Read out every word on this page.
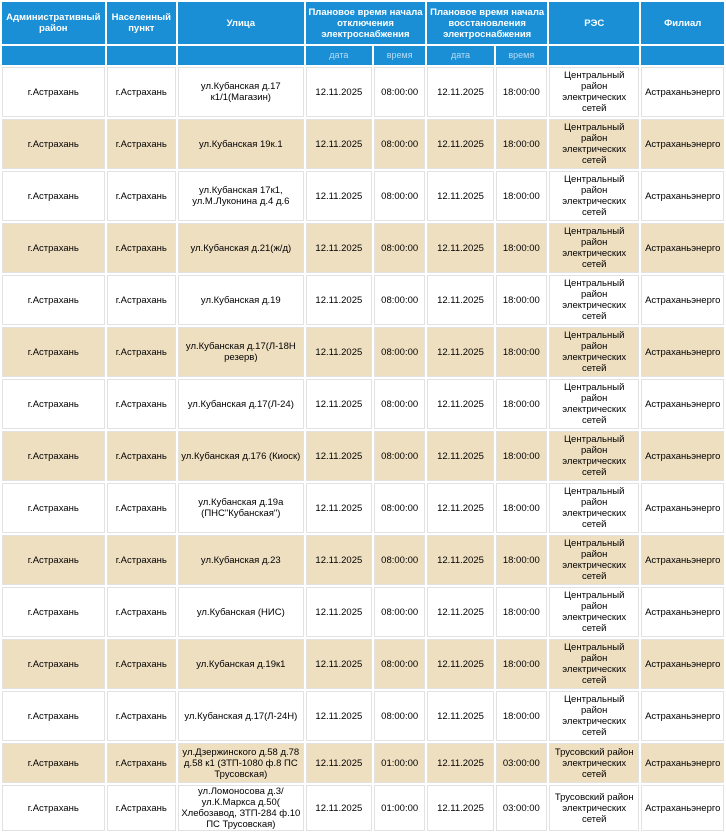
Административный район	Населенный пункт	Улица	Плановое время начала отключения электроснабжения		Плановое время начала восстановления электроснабжения		РЭС	Филиал
			дата	время	дата	время		
г.Астрахань	г.Астрахань	ул.Кубанская д.17 к1/1(Магазин)	12.11.2025	08:00:00	12.11.2025	18:00:00	Центральный район электрических сетей	Астраханьэнерго
г.Астрахань	г.Астрахань	ул.Кубанская 19к.1	12.11.2025	08:00:00	12.11.2025	18:00:00	Центральный район электрических сетей	Астраханьэнерго
г.Астрахань	г.Астрахань	ул.Кубанская 17к1, ул.М.Луконина д.4 д.6	12.11.2025	08:00:00	12.11.2025	18:00:00	Центральный район электрических сетей	Астраханьэнерго
г.Астрахань	г.Астрахань	ул.Кубанская д.21(ж/д)	12.11.2025	08:00:00	12.11.2025	18:00:00	Центральный район электрических сетей	Астраханьэнерго
г.Астрахань	г.Астрахань	ул.Кубанская д.19	12.11.2025	08:00:00	12.11.2025	18:00:00	Центральный район электрических сетей	Астраханьэнерго
г.Астрахань	г.Астрахань	ул.Кубанская д.17(Л-18Н резерв)	12.11.2025	08:00:00	12.11.2025	18:00:00	Центральный район электрических сетей	Астраханьэнерго
г.Астрахань	г.Астрахань	ул.Кубанская д.17(Л-24)	12.11.2025	08:00:00	12.11.2025	18:00:00	Центральный район электрических сетей	Астраханьэнерго
г.Астрахань	г.Астрахань	ул.Кубанская д.176 (Киоск)	12.11.2025	08:00:00	12.11.2025	18:00:00	Центральный район электрических сетей	Астраханьэнерго
г.Астрахань	г.Астрахань	ул.Кубанская д.19а (ПНС"Кубанская")	12.11.2025	08:00:00	12.11.2025	18:00:00	Центральный район электрических сетей	Астраханьэнерго
г.Астрахань	г.Астрахань	ул.Кубанская д.23	12.11.2025	08:00:00	12.11.2025	18:00:00	Центральный район электрических сетей	Астраханьэнерго
г.Астрахань	г.Астрахань	ул.Кубанская (НИС)	12.11.2025	08:00:00	12.11.2025	18:00:00	Центральный район электрических сетей	Астраханьэнерго
г.Астрахань	г.Астрахань	ул.Кубанская д.19к1	12.11.2025	08:00:00	12.11.2025	18:00:00	Центральный район электрических сетей	Астраханьэнерго
г.Астрахань	г.Астрахань	ул.Кубанская д.17(Л-24Н)	12.11.2025	08:00:00	12.11.2025	18:00:00	Центральный район электрических сетей	Астраханьэнерго
г.Астрахань	г.Астрахань	ул.Дзержинского д.58 д.78 д.58 к1 (ЗТП-1080 ф.8 ПС Трусовская)	12.11.2025	01:00:00	12.11.2025	03:00:00	Трусовский район электрических сетей	Астраханьэнерго
г.Астрахань	г.Астрахань	ул.Ломоносова д.3/ ул.К.Маркса д.50( Хлебозавод, ЗТП-284 ф.10 ПС Трусовская)	12.11.2025	01:00:00	12.11.2025	03:00:00	Трусовский район электрических сетей	Астраханьэнерго
